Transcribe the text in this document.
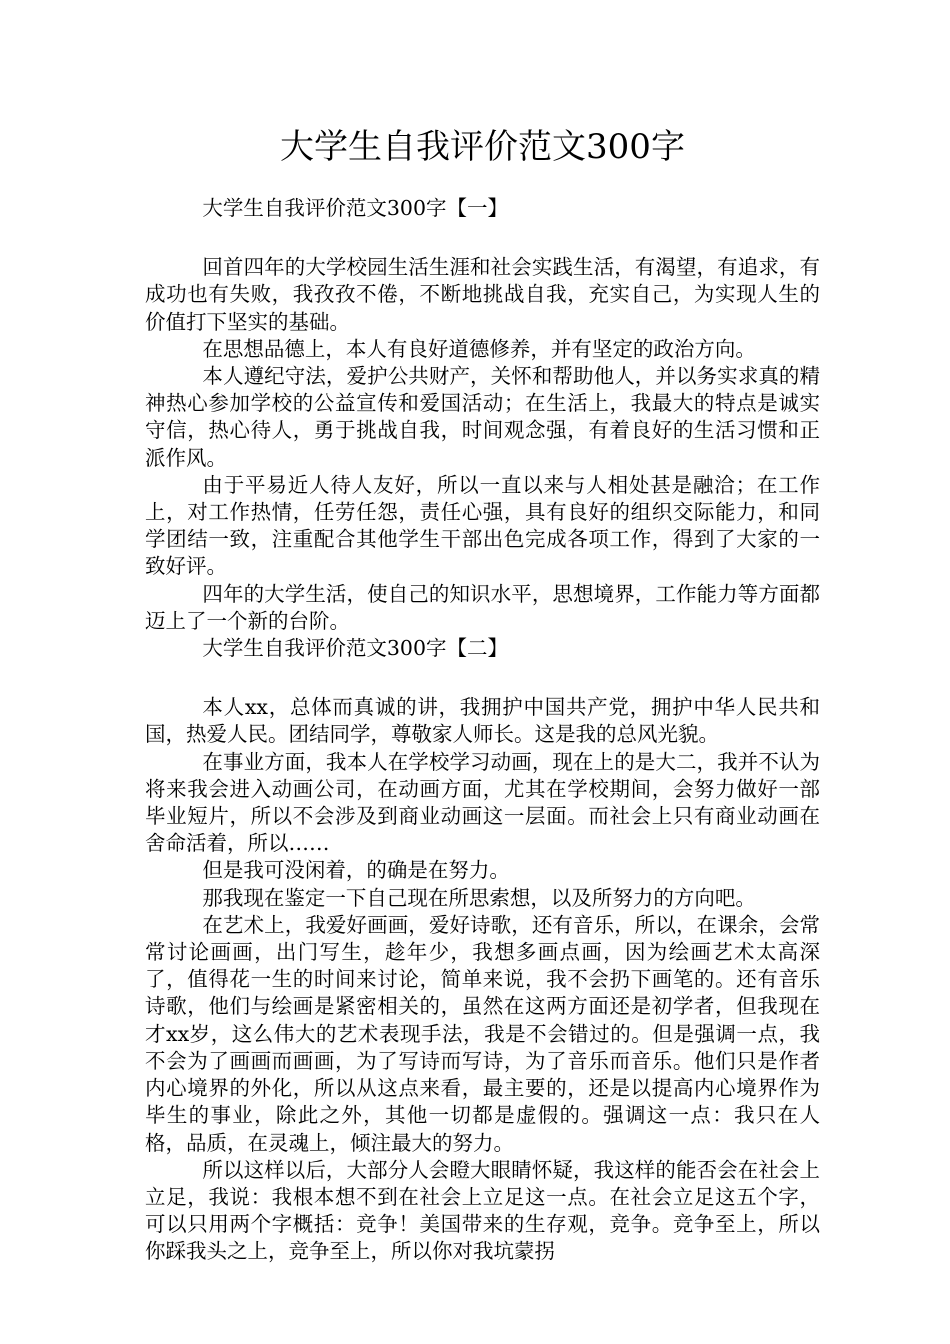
大学生自我评价范文300字

大学生自我评价范文300字【一】

回首四年的大学校园生活生涯和社会实践生活，有渴望，有追求，有成功也有失败，我孜孜不倦，不断地挑战自我，充实自己，为实现人生的价值打下坚实的基础。

在思想品德上，本人有良好道德修养，并有坚定的政治方向。

本人遵纪守法，爱护公共财产，关怀和帮助他人，并以务实求真的精神热心参加学校的公益宣传和爱国活动；在生活上，我最大的特点是诚实守信，热心待人，勇于挑战自我，时间观念强，有着良好的生活习惯和正派作风。

由于平易近人待人友好，所以一直以来与人相处甚是融洽；在工作上，对工作热情，任劳任怨，责任心强，具有良好的组织交际能力，和同学团结一致，注重配合其他学生干部出色完成各项工作，得到了大家的一致好评。

四年的大学生活，使自己的知识水平，思想境界，工作能力等方面都迈上了一个新的台阶。

大学生自我评价范文300字【二】

本人xx，总体而真诚的讲，我拥护中国共产党，拥护中华人民共和国，热爱人民。团结同学，尊敬家人师长。这是我的总风光貌。

在事业方面，我本人在学校学习动画，现在上的是大二，我并不认为将来我会进入动画公司，在动画方面，尤其在学校期间，会努力做好一部毕业短片，所以不会涉及到商业动画这一层面。而社会上只有商业动画在舍命活着，所以……

但是我可没闲着，的确是在努力。

那我现在鉴定一下自己现在所思索想，以及所努力的方向吧。

在艺术上，我爱好画画，爱好诗歌，还有音乐，所以，在课余，会常常讨论画画，出门写生，趁年少，我想多画点画，因为绘画艺术太高深了，值得花一生的时间来讨论，简单来说，我不会扔下画笔的。还有音乐诗歌，他们与绘画是紧密相关的，虽然在这两方面还是初学者，但我现在才xx岁，这么伟大的艺术表现手法，我是不会错过的。但是强调一点，我不会为了画画而画画，为了写诗而写诗，为了音乐而音乐。他们只是作者内心境界的外化，所以从这点来看，最主要的，还是以提高内心境界作为毕生的事业，除此之外，其他一切都是虚假的。强调这一点：我只在人格，品质，在灵魂上，倾注最大的努力。

所以这样以后，大部分人会瞪大眼睛怀疑，我这样的能否会在社会上立足，我说：我根本想不到在社会上立足这一点。在社会立足这五个字，可以只用两个字概括：竞争！美国带来的生存观，竞争。竞争至上，所以你踩我头之上，竞争至上，所以你对我坑蒙拐
